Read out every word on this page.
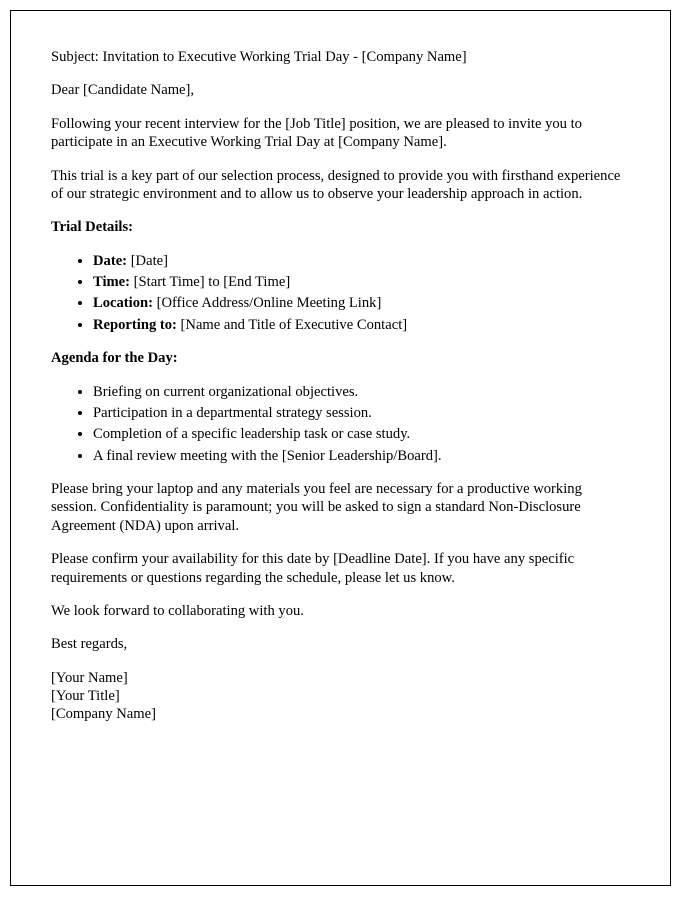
Subject: Invitation to Executive Working Trial Day - [Company Name]

Dear [Candidate Name],

Following your recent interview for the [Job Title] position, we are pleased to invite you to participate in an Executive Working Trial Day at [Company Name].

This trial is a key part of our selection process, designed to provide you with firsthand experience of our strategic environment and to allow us to observe your leadership approach in action.

Trial Details:

• Date: [Date]
• Time: [Start Time] to [End Time]
• Location: [Office Address/Online Meeting Link]
• Reporting to: [Name and Title of Executive Contact]

Agenda for the Day:

• Briefing on current organizational objectives.
• Participation in a departmental strategy session.
• Completion of a specific leadership task or case study.
• A final review meeting with the [Senior Leadership/Board].

Please bring your laptop and any materials you feel are necessary for a productive working session. Confidentiality is paramount; you will be asked to sign a standard Non-Disclosure Agreement (NDA) upon arrival.

Please confirm your availability for this date by [Deadline Date]. If you have any specific requirements or questions regarding the schedule, please let us know.

We look forward to collaborating with you.

Best regards,

[Your Name]
[Your Title]
[Company Name]
